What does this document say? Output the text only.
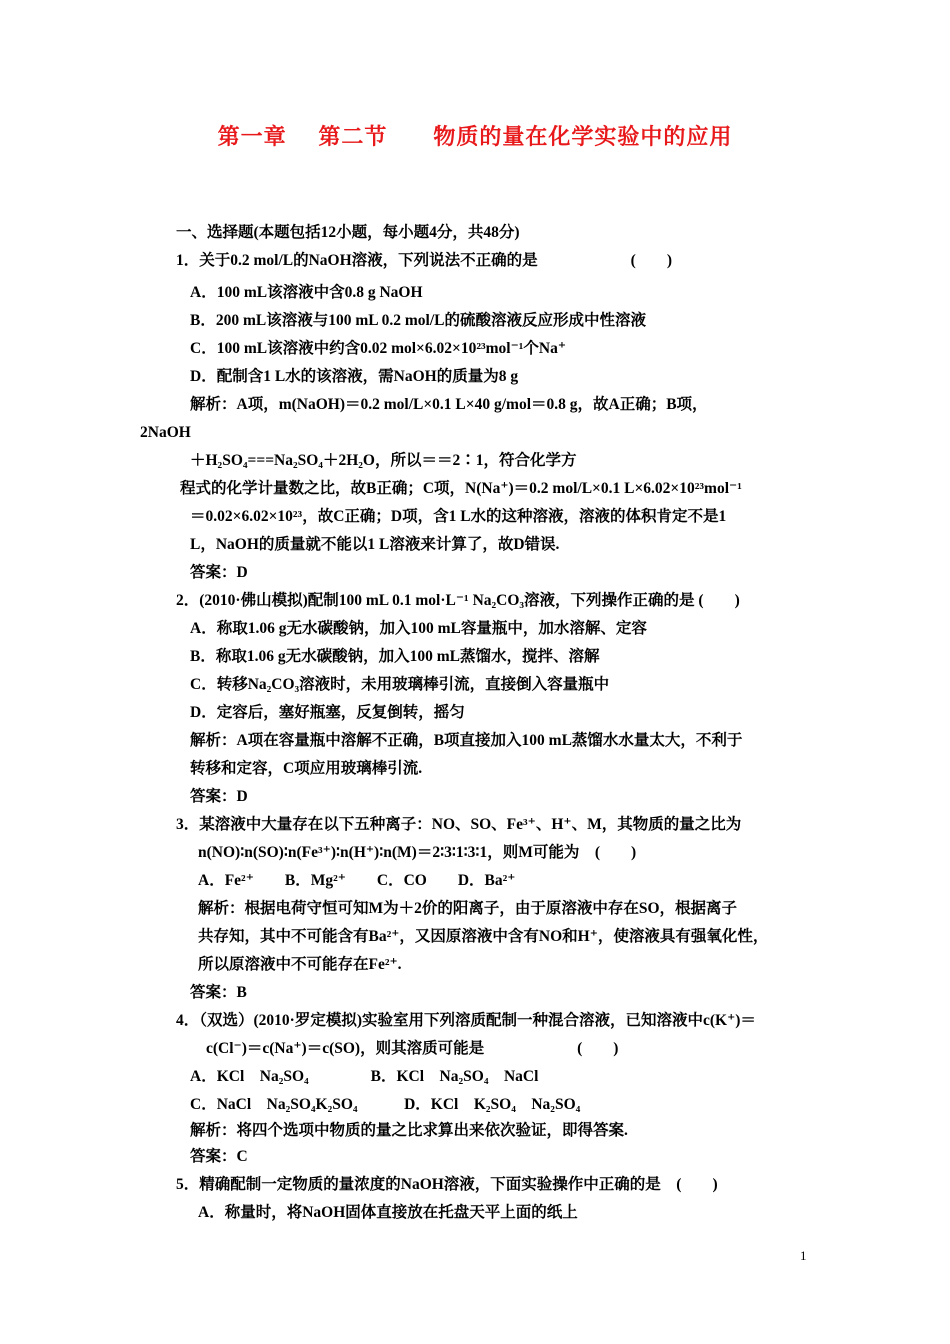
第一章　 第二节　　物质的量在化学实验中的应用
一、选择题(本题包括12小题，每小题4分，共48分)
1．关于0.2 mol/L的NaOH溶液，下列说法不正确的是　　　　　　(　　)
A．100 mL该溶液中含0.8 g NaOH
B．200 mL该溶液与100 mL 0.2 mol/L的硫酸溶液反应形成中性溶液
C．100 mL该溶液中约含0.02 mol×6.02×10²³mol⁻¹个Na⁺
D．配制含1 L水的该溶液，需NaOH的质量为8 g
解析：A项，m(NaOH)＝0.2 mol/L×0.1 L×40 g/mol＝0.8 g，故A正确；B项，
2NaOH
＋H₂SO₄===Na₂SO₄＋2H₂O，所以＝＝2∶1，符合化学方
程式的化学计量数之比，故B正确；C项，N(Na⁺)＝0.2 mol/L×0.1 L×6.02×10²³mol⁻¹
＝0.02×6.02×10²³，故C正确；D项，含1 L水的这种溶液，溶液的体积肯定不是1
L，NaOH的质量就不能以1 L溶液来计算了，故D错误.
答案：D
2．(2010·佛山模拟)配制100 mL 0.1 mol·L⁻¹ Na₂CO₃溶液，下列操作正确的是 (　　)
A．称取1.06 g无水碳酸钠，加入100 mL容量瓶中，加水溶解、定容
B．称取1.06 g无水碳酸钠，加入100 mL蒸馏水，搅拌、溶解
C．转移Na₂CO₃溶液时，未用玻璃棒引流，直接倒入容量瓶中
D．定容后，塞好瓶塞，反复倒转，摇匀
解析：A项在容量瓶中溶解不正确，B项直接加入100 mL蒸馏水水量太大，不利于
转移和定容，C项应用玻璃棒引流.
答案：D
3．某溶液中大量存在以下五种离子：NO、SO、Fe³⁺、H⁺、M，其物质的量之比为
n(NO)∶n(SO)∶n(Fe³⁺)∶n(H⁺)∶n(M)＝2∶3∶1∶3∶1，则M可能为　(　　)
A．Fe²⁺　　B．Mg²⁺　　C．CO　　D．Ba²⁺
解析：根据电荷守恒可知M为＋2价的阳离子，由于原溶液中存在SO，根据离子
共存知，其中不可能含有Ba²⁺，又因原溶液中含有NO和H⁺，使溶液具有强氧化性，
所以原溶液中不可能存在Fe²⁺.
答案：B
4．（双选）(2010·罗定模拟)实验室用下列溶质配制一种混合溶液，已知溶液中c(K⁺)＝
c(Cl⁻)＝c(Na⁺)＝c(SO)，则其溶质可能是　　　　　　(　　)
A．KCl　Na₂SO₄　　　　B．KCl　Na₂SO₄　NaCl
C．NaCl　Na₂SO₄K₂SO₄　　　D．KCl　K₂SO₄　Na₂SO₄
解析：将四个选项中物质的量之比求算出来依次验证，即得答案.
答案：C
5．精确配制一定物质的量浓度的NaOH溶液，下面实验操作中正确的是　(　　)
A．称量时，将NaOH固体直接放在托盘天平上面的纸上
1
